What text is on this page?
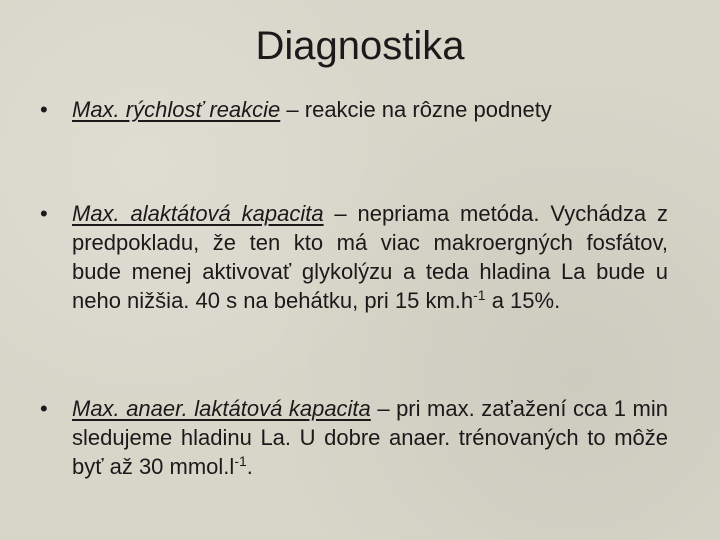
Diagnostika
• Max. rýchlosť reakcie – reakcie na rôzne podnety
• Max. alaktátová kapacita – nepriama metóda. Vychádza z predpokladu, že ten kto má viac makroergných fosfátov, bude menej aktivovať glykolýzu a teda hladina La bude u neho nižšia. 40 s na behátku, pri 15 $km.h^{-1}$ a 15%.
• Max. anaer. laktátová kapacita – pri max. zaťažení cca 1 min sledujeme hladinu La. U dobre anaer. trénovaných to môže byť až 30 $mmol.l^{-1}$.
